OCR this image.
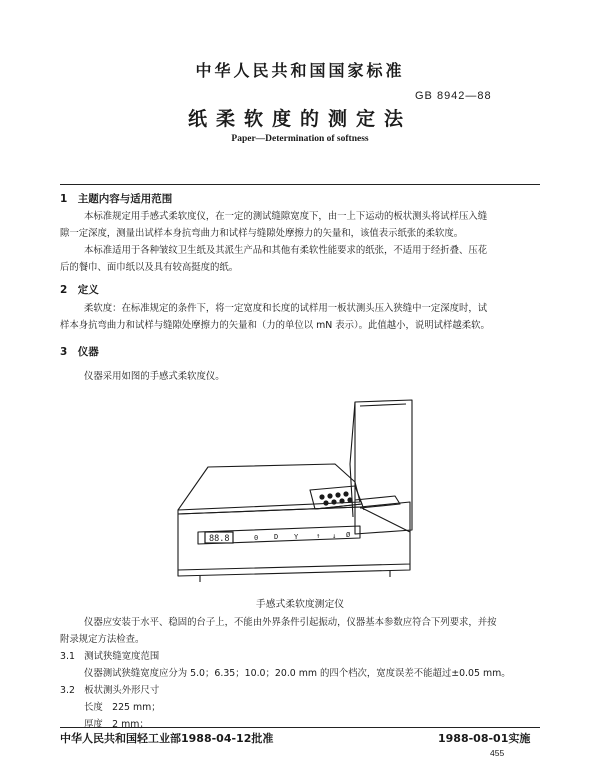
中华人民共和国国家标准
GB 8942—88
纸柔软度的测定法
Paper—Determination of softness
1　主题内容与适用范围
本标准规定用手感式柔软度仪，在一定的测试缝隙宽度下，由一上下运动的板状测头将试样压入缝
隙一定深度，测量出试样本身抗弯曲力和试样与缝隙处摩擦力的矢量和，该值表示纸张的柔软度。
本标准适用于各种皱纹卫生纸及其派生产品和其他有柔软性能要求的纸张，不适用于经折叠、压花
后的餐巾、面巾纸以及具有较高挺度的纸。
2　定义
柔软度：在标准规定的条件下，将一定宽度和长度的试样用一板状测头压入狭缝中一定深度时，试
样本身抗弯曲力和试样与缝隙处摩擦力的矢量和（力的单位以 mN 表示）。此值越小，说明试样越柔软。
3　仪器
仪器采用如图的手感式柔软度仪。
88.8	0 D Y	↑ ↓ Ø
手感式柔软度测定仪
仪器应安装于水平、稳固的台子上，不能由外界条件引起振动，仪器基本参数应符合下列要求，并按
附录规定方法检查。
3.1　测试狭缝宽度范围
仪器测试狭缝宽度应分为 5.0；6.35；10.0；20.0 mm 的四个档次，宽度误差不能超过±0.05 mm。
3.2　板状测头外形尺寸
长度　225 mm；
厚度　2 mm；
中华人民共和国轻工业部1988-04-12批准	1988-08-01实施
455
